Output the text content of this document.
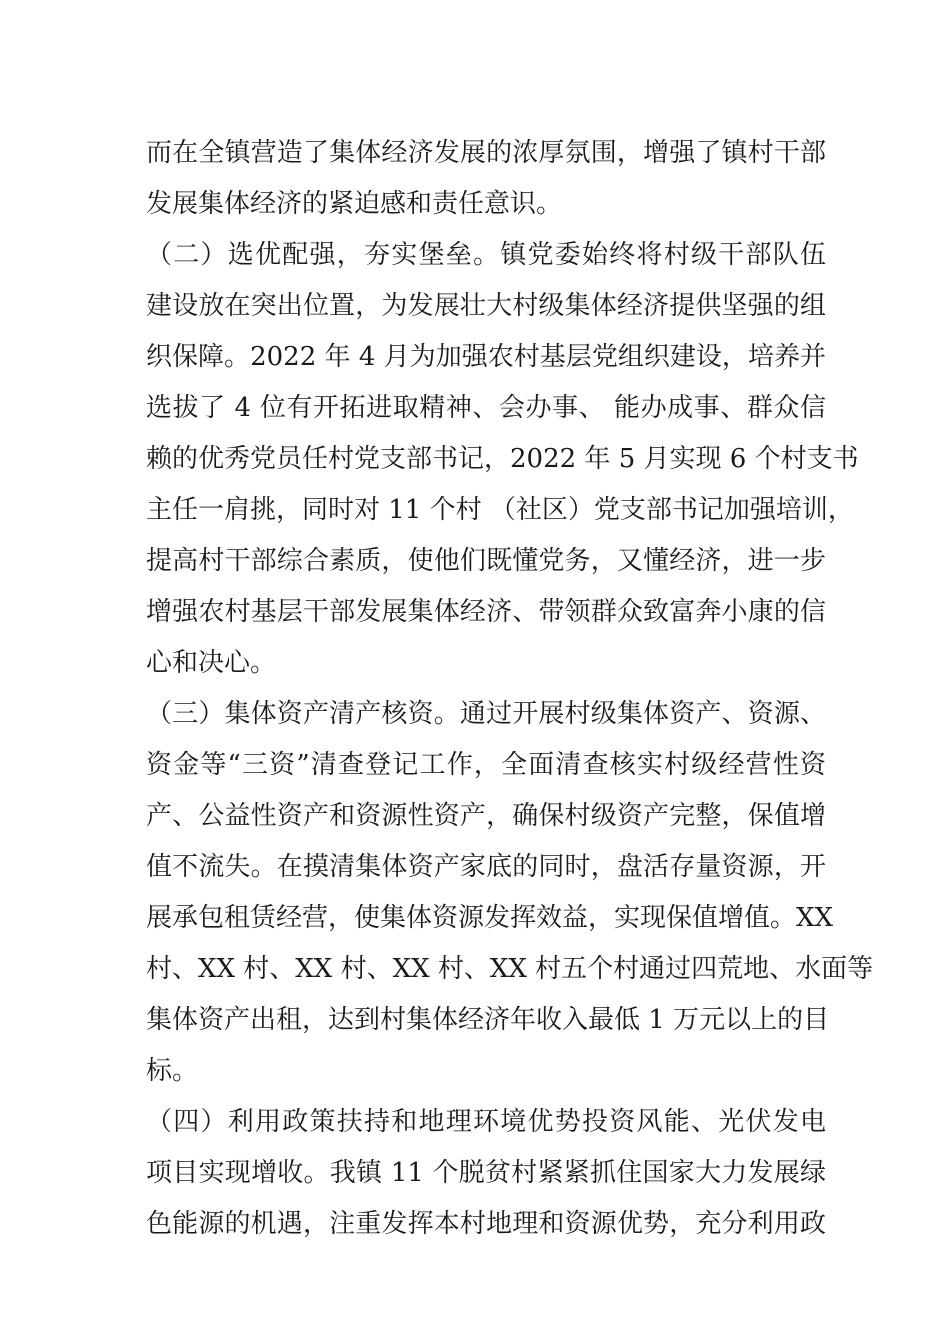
而在全镇营造了集体经济发展的浓厚氛围，增强了镇村干部
发展集体经济的紧迫感和责任意识。
（二）选优配强，夯实堡垒。镇党委始终将村级干部队伍
建设放在突出位置，为发展壮大村级集体经济提供坚强的组
织保障。2022 年 4 月为加强农村基层党组织建设，培养并
选拔了 4 位有开拓进取精神、会办事、 能办成事、群众信
赖的优秀党员任村党支部书记，2022 年 5 月实现 6 个村支书
主任一肩挑，同时对 11 个村 （社区）党支部书记加强培训，
提高村干部综合素质，使他们既懂党务，又懂经济，进一步
增强农村基层干部发展集体经济、带领群众致富奔小康的信
心和决心。
（三）集体资产清产核资。通过开展村级集体资产、资源、
资金等“三资”清查登记工作，全面清查核实村级经营性资
产、公益性资产和资源性资产，确保村级资产完整，保值增
值不流失。在摸清集体资产家底的同时，盘活存量资源，开
展承包租赁经营，使集体资源发挥效益，实现保值增值。XX
村、XX 村、XX 村、XX 村、XX 村五个村通过四荒地、水面等
集体资产出租，达到村集体经济年收入最低 1 万元以上的目
标。
（四）利用政策扶持和地理环境优势投资风能、光伏发电
项目实现增收。我镇 11 个脱贫村紧紧抓住国家大力发展绿
色能源的机遇，注重发挥本村地理和资源优势，充分利用政
